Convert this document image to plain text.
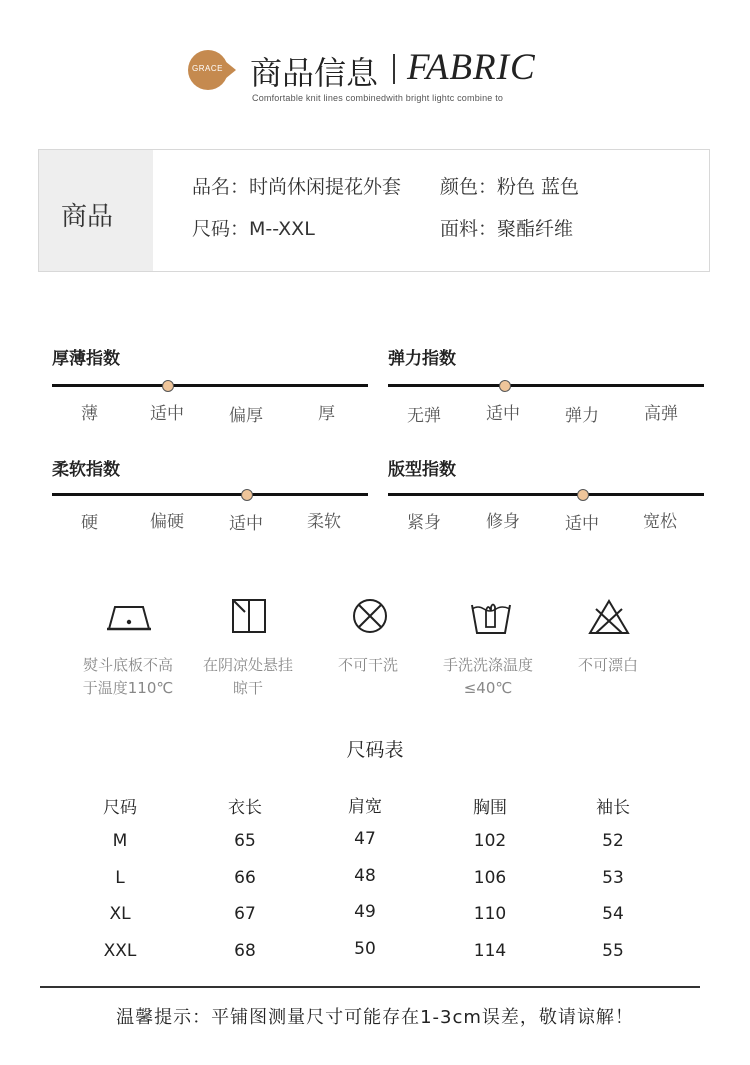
GRACE 商品信息 FABRIC
Comfortable knit lines combinedwith bright lightc combine to
商品
品名：时尚休闲提花外套 颜色：粉色 蓝色
尺码：M--XXL	面料：聚酯纤维
厚薄指数
薄	适中	偏厚	厚
弹力指数
无弹	适中	弹力	高弹
柔软指数
硬	偏硬	适中	柔软
版型指数
紧身	修身	适中	宽松
熨斗底板不高
于温度110℃
在阴凉处悬挂
晾干
不可干洗	手洗洗涤温度
≤40℃
不可漂白
尺码表
尺码	衣长	肩宽	胸围	袖长
M	65	47	102	52
L	66	48	106	53
XL	67	49	110	54
XXL	68	50	114	55
温馨提示：平铺图测量尺寸可能存在1-3cm误差，敬请谅解！
